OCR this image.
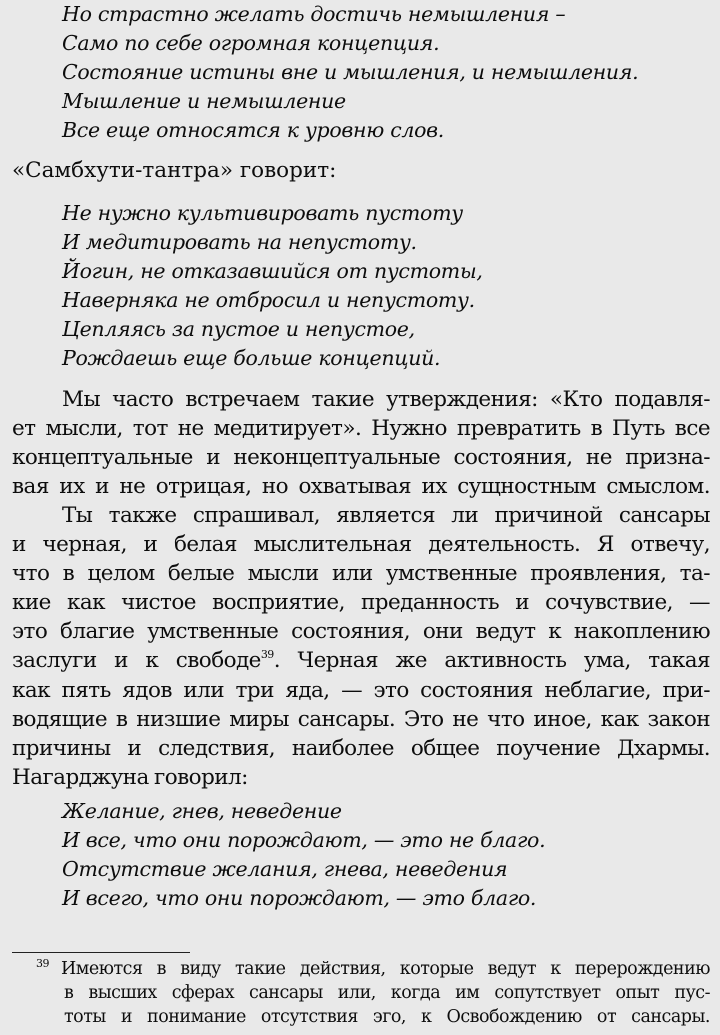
Но страстно желать достичь немышления –
Само по себе огромная концепция.
Состояние истины вне и мышления, и немышления.
Мышление и немышление
Все еще относятся к уровню слов.
«Самбхути-тантра» говорит:
Не нужно культивировать пустоту
И медитировать на непустоту.
Йогин, не отказавшийся от пустоты,
Наверняка не отбросил и непустоту.
Цепляясь за пустое и непустое,
Рождаешь еще больше концепций.
Мы часто встречаем такие утверждения: «Кто подавля-
ет мысли, тот не медитирует». Нужно превратить в Путь все
концептуальные и неконцептуальные состояния, не призна-
вая их и не отрицая, но охватывая их сущностным смыслом.
Ты также спрашивал, является ли причиной сансары
и черная, и белая мыслительная деятельность. Я отвечу,
что в целом белые мысли или умственные проявления, та-
кие как чистое восприятие, преданность и сочувствие, —
это благие умственные состояния, они ведут к накоплению
заслуги и к свободе$^{39}$. Черная же активность ума, такая
как пять ядов или три яда, — это состояния неблагие, при-
водящие в низшие миры сансары. Это не что иное, как закон
причины и следствия, наиболее общее поучение Дхармы.
Нагарджуна говорил:
Желание, гнев, неведение
И все, что они порождают, — это не благо.
Отсутствие желания, гнева, неведения
И всего, что они порождают, — это благо.
$^{39}$ Имеются в виду такие действия, которые ведут к перерождению
в высших сферах сансары или, когда им сопутствует опыт пус-
тоты и понимание отсутствия эго, к Освобождению от сансары.
